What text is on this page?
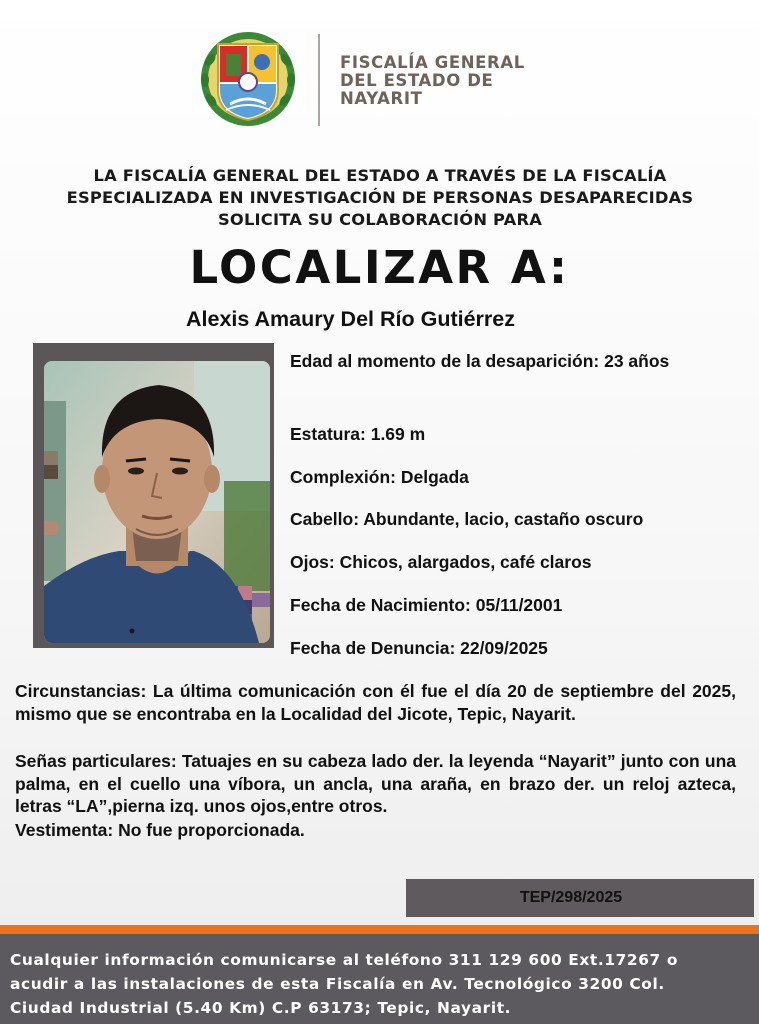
FISCALÍA GENERAL
DEL ESTADO DE
NAYARIT
LA FISCALÍA GENERAL DEL ESTADO A TRAVÉS DE LA FISCALÍA
ESPECIALIZADA EN INVESTIGACIÓN DE PERSONAS DESAPARECIDAS
SOLICITA SU COLABORACIÓN PARA
LOCALIZAR A:
Alexis Amaury Del Río Gutiérrez
Edad al momento de la desaparición: 23 años
Estatura: 1.69 m
Complexión: Delgada
Cabello: Abundante, lacio, castaño oscuro
Ojos: Chicos, alargados, café claros
Fecha de Nacimiento: 05/11/2001
Fecha de Denuncia: 22/09/2025
Circunstancias: La última comunicación con él fue el día 20 de septiembre del 2025, mismo que se encontraba en la Localidad del Jicote, Tepic, Nayarit.
Señas particulares: Tatuajes en su cabeza lado der. la leyenda “Nayarit” junto con una palma, en el cuello una víbora, un ancla, una araña, en brazo der. un reloj azteca, letras “LA”,pierna izq. unos ojos,entre otros.
Vestimenta: No fue proporcionada.
TEP/298/2025
Cualquier información comunicarse al teléfono 311 129 600 Ext.17267 o
acudir a las instalaciones de esta Fiscalía en Av. Tecnológico 3200 Col.
Ciudad Industrial (5.40 Km) C.P 63173; Tepic, Nayarit.
